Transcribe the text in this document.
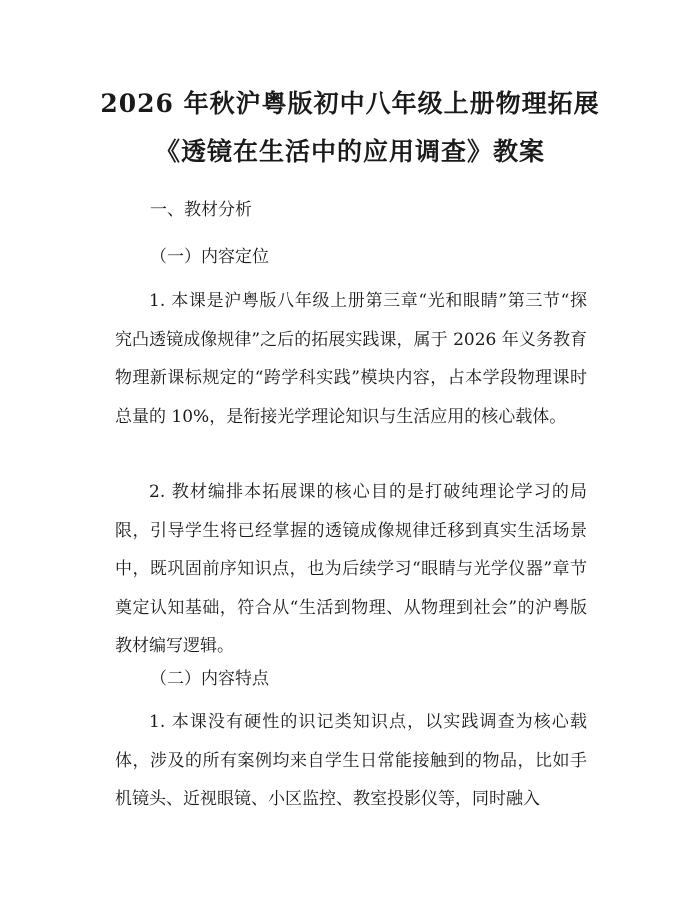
2026 年秋沪粤版初中八年级上册物理拓展
《透镜在生活中的应用调查》教案
一、教材分析
（一）内容定位

1. 本课是沪粤版八年级上册第三章“光和眼睛”第三节“探究凸透镜成像规律”之后的拓展实践课，属于 2026 年义务教育物理新课标规定的“跨学科实践”模块内容，占本学段物理课时总量的 10%，是衔接光学理论知识与生活应用的核心载体。

2. 教材编排本拓展课的核心目的是打破纯理论学习的局限，引导学生将已经掌握的透镜成像规律迁移到真实生活场景中，既巩固前序知识点，也为后续学习“眼睛与光学仪器”章节奠定认知基础，符合从“生活到物理、从物理到社会”的沪粤版教材编写逻辑。

（二）内容特点

1. 本课没有硬性的识记类知识点，以实践调查为核心载体，涉及的所有案例均来自学生日常能接触到的物品，比如手机镜头、近视眼镜、小区监控、教室投影仪等，同时融入
